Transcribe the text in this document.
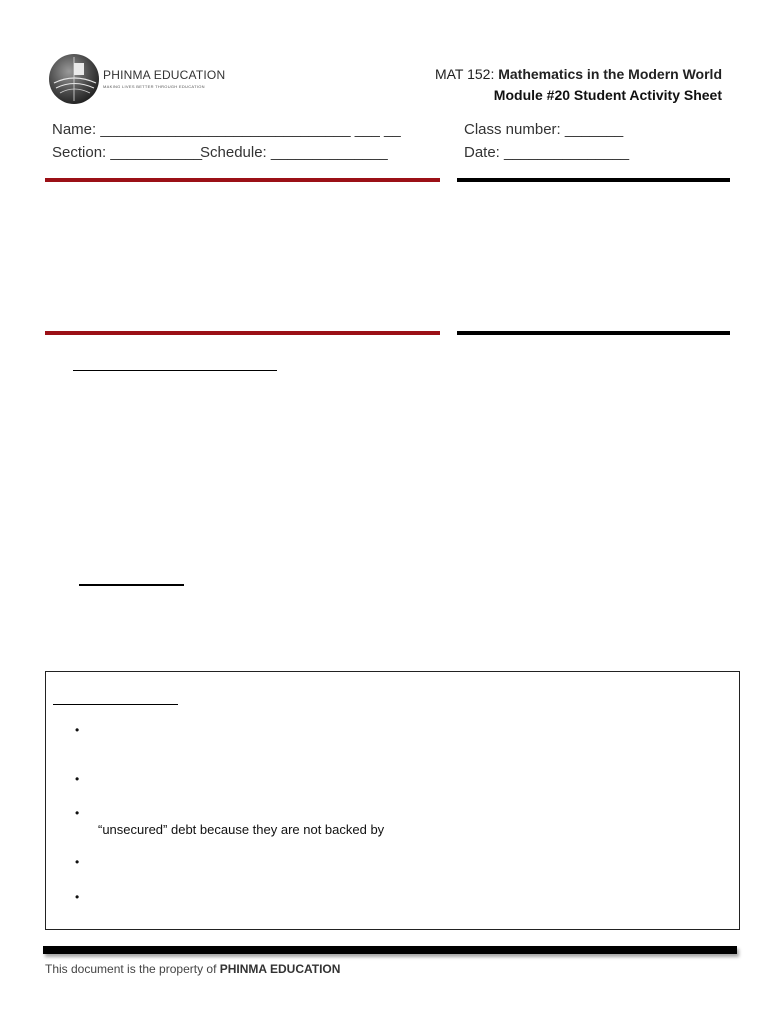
PHINMA EDUCATION
MAKING LIVES BETTER THROUGH EDUCATION
MAT 152: Mathematics in the Modern World
Module #20 Student Activity Sheet
Name: ______________________________ ___ __	Class number: _______
Section: ___________
Schedule: ______________	Date: _______________
•
•
•
“unsecured” debt because they are not backed by
•
•
This document is the property of PHINMA EDUCATION
